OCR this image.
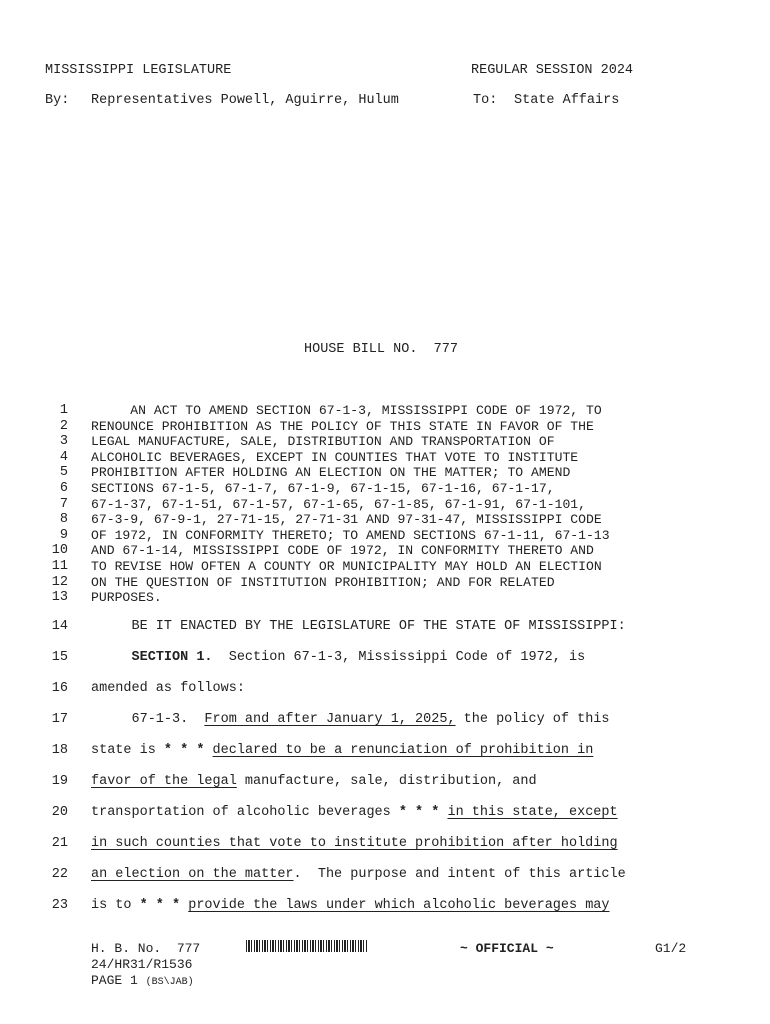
MISSISSIPPI LEGISLATURE	REGULAR SESSION 2024
By: Representatives Powell, Aguirre, Hulum	To: State Affairs
HOUSE BILL NO.  777
1 AN ACT TO AMEND SECTION 67-1-3, MISSISSIPPI CODE OF 1972, TO
2 RENOUNCE PROHIBITION AS THE POLICY OF THIS STATE IN FAVOR OF THE
3 LEGAL MANUFACTURE, SALE, DISTRIBUTION AND TRANSPORTATION OF
4 ALCOHOLIC BEVERAGES, EXCEPT IN COUNTIES THAT VOTE TO INSTITUTE
5 PROHIBITION AFTER HOLDING AN ELECTION ON THE MATTER; TO AMEND
6 SECTIONS 67-1-5, 67-1-7, 67-1-9, 67-1-15, 67-1-16, 67-1-17,
7 67-1-37, 67-1-51, 67-1-57, 67-1-65, 67-1-85, 67-1-91, 67-1-101,
8 67-3-9, 67-9-1, 27-71-15, 27-71-31 AND 97-31-47, MISSISSIPPI CODE
9 OF 1972, IN CONFORMITY THERETO; TO AMEND SECTIONS 67-1-11, 67-1-13
10 AND 67-1-14, MISSISSIPPI CODE OF 1972, IN CONFORMITY THERETO AND
11 TO REVISE HOW OFTEN A COUNTY OR MUNICIPALITY MAY HOLD AN ELECTION
12 ON THE QUESTION OF INSTITUTION PROHIBITION; AND FOR RELATED
13 PURPOSES.
14 BE IT ENACTED BY THE LEGISLATURE OF THE STATE OF MISSISSIPPI:
15	SECTION 1.  Section 67-1-3, Mississippi Code of 1972, is
16 amended as follows:
17 67-1-3.  From and after January 1, 2025, the policy of this
18 state is * * * declared to be a renunciation of prohibition in
19 favor of the legal manufacture, sale, distribution, and
20 transportation of alcoholic beverages * * * in this state, except
21 in such counties that vote to institute prohibition after holding
22 an election on the matter.  The purpose and intent of this article
23 is to * * * provide the laws under which alcoholic beverages may
H. B. No.  777	~ OFFICIAL ~	G1/2
24/HR31/R1536
PAGE 1 (BS\JAB)
